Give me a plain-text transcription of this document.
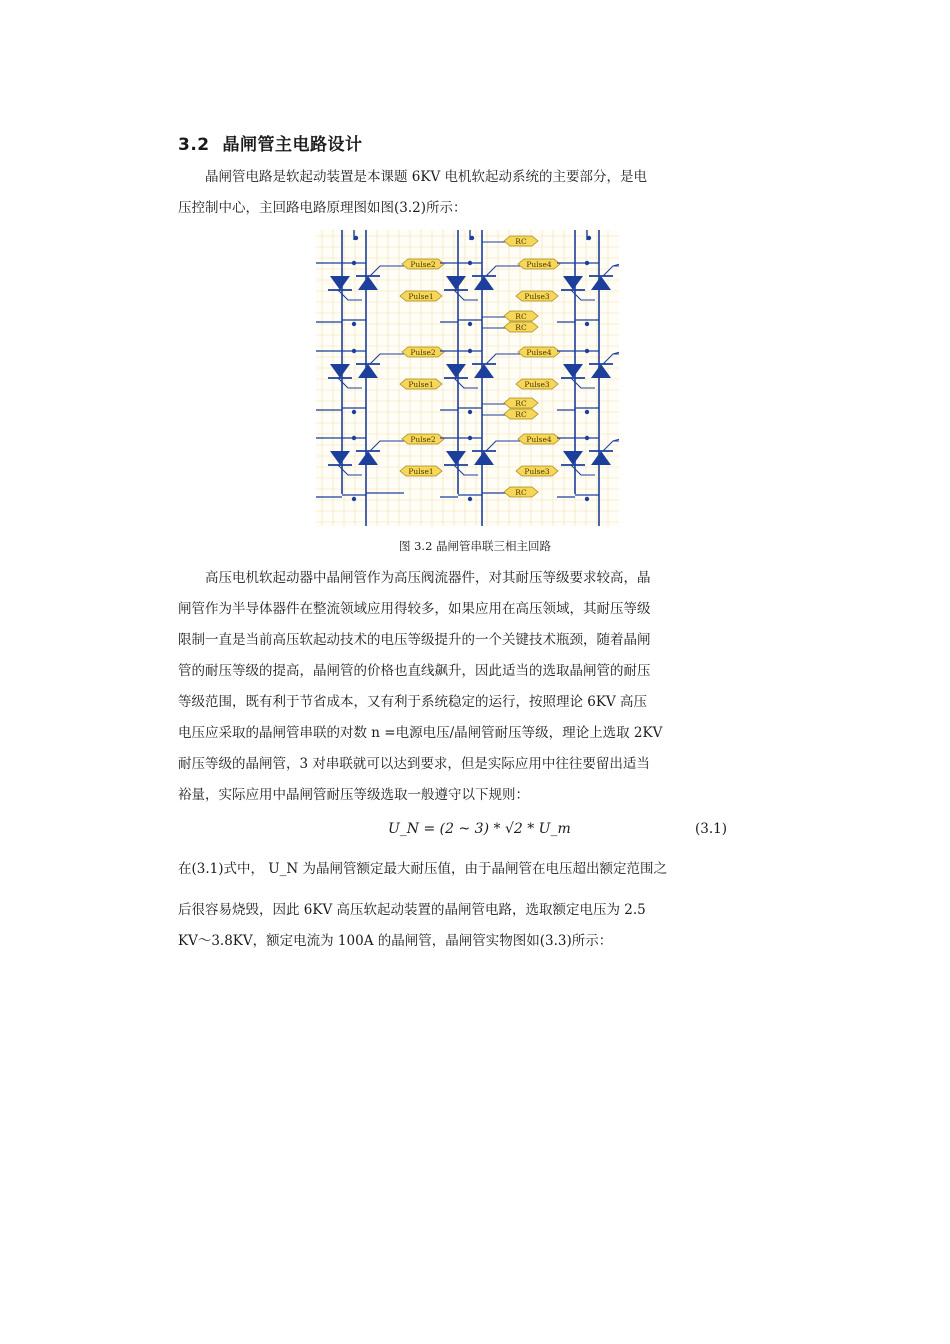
3.2 晶闸管主电路设计
　　晶闸管电路是软起动装置是本课题 6KV 电机软起动系统的主要部分，是电
压控制中心，主回路电路原理图如图(3.2)所示：
Pulse2
Pulse1
Pulse2
Pulse1
Pulse2
Pulse1
Pulse4
Pulse3
Pulse4
Pulse3
Pulse4
Pulse3
RC
RC
RC
RC
RC
RC
图 3.2 晶闸管串联三相主回路
　　高压电机软起动器中晶闸管作为高压阀流器件，对其耐压等级要求较高，晶
闸管作为半导体器件在整流领域应用得较多，如果应用在高压领域，其耐压等级
限制一直是当前高压软起动技术的电压等级提升的一个关键技术瓶颈，随着晶闸
管的耐压等级的提高，晶闸管的价格也直线飙升，因此适当的选取晶闸管的耐压
等级范围，既有利于节省成本，又有利于系统稳定的运行，按照理论 6KV 高压
电压应采取的晶闸管串联的对数 n =电源电压/晶闸管耐压等级，理论上选取 2KV
耐压等级的晶闸管，3 对串联就可以达到要求，但是实际应用中往往要留出适当
裕量，实际应用中晶闸管耐压等级选取一般遵守以下规则：
U_N = (2 ~ 3) * √2 * U_m	(3.1)
在(3.1)式中， U_N 为晶闸管额定最大耐压值，由于晶闸管在电压超出额定范围之
后很容易烧毁，因此 6KV 高压软起动装置的晶闸管电路，选取额定电压为 2.5
KV～3.8KV，额定电流为 100A 的晶闸管，晶闸管实物图如(3.3)所示：
